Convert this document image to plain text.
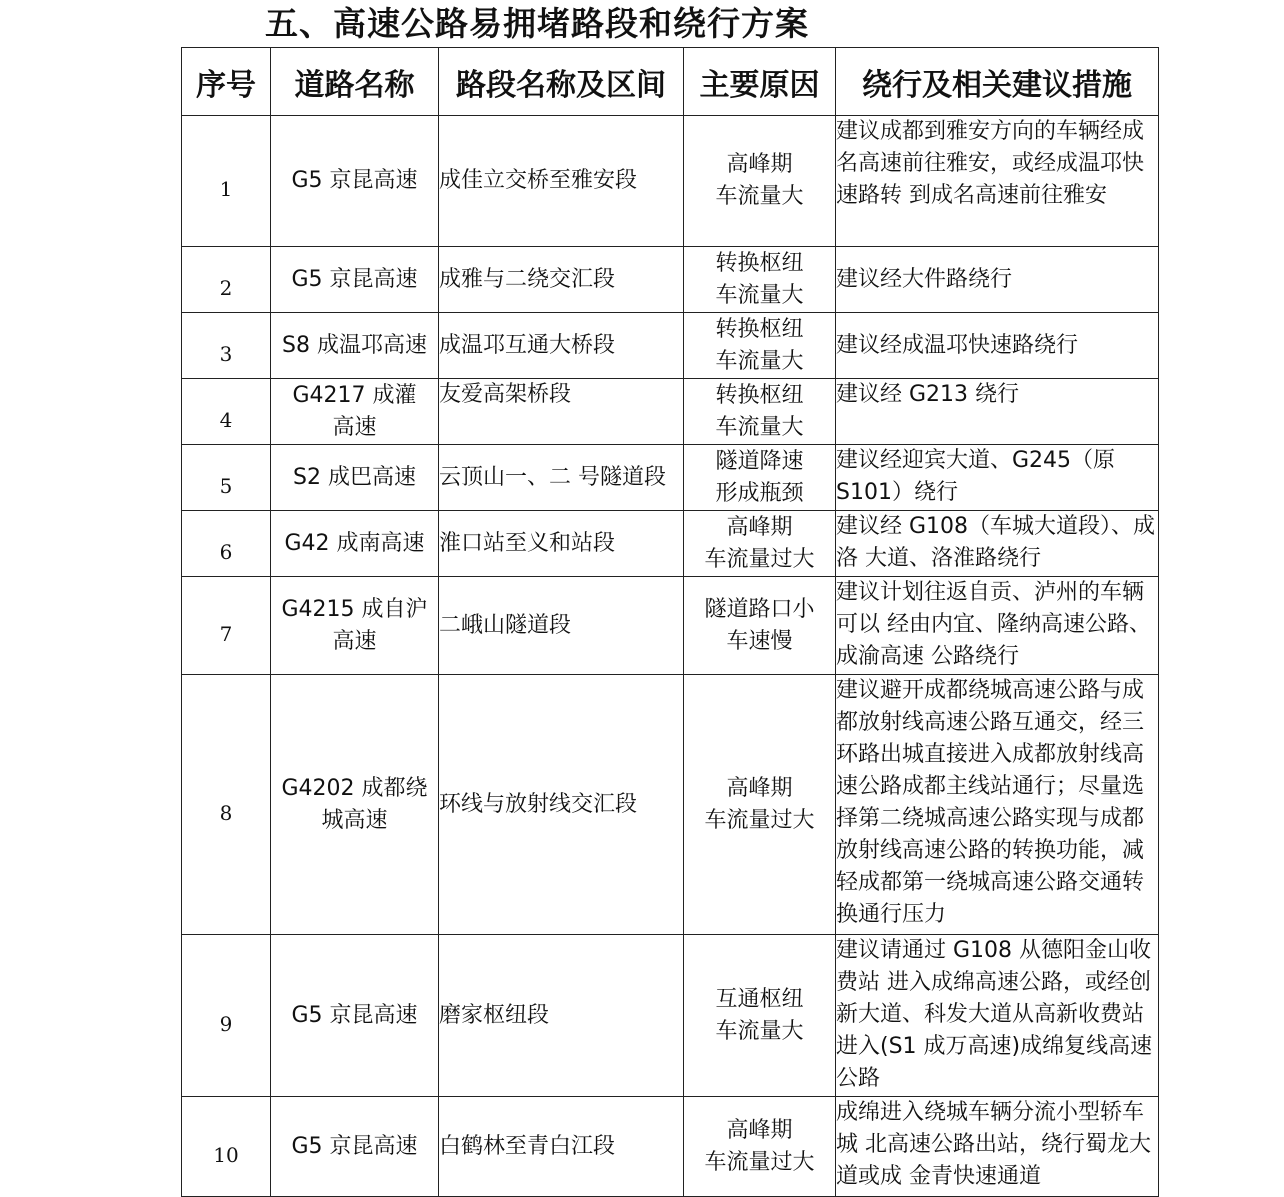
五、高速公路易拥堵路段和绕行方案
序号	道路名称	路段名称及区间	主要原因	绕行及相关建议措施
1	G5 京昆高速	成佳立交桥至雅安段	高峰期
车流量大	建议成都到雅安方向的车辆经成名高速前往雅安，或经成温邛快速路转 到成名高速前往雅安
2	G5 京昆高速	成雅与二绕交汇段	转换枢纽
车流量大	建议经大件路绕行
3	S8 成温邛高速	成温邛互通大桥段	转换枢纽
车流量大	建议经成温邛快速路绕行
4	G4217 成灌
高速	友爱高架桥段	转换枢纽
车流量大	建议经 G213 绕行
5	S2 成巴高速	云顶山一、二 号隧道段	隧道降速
形成瓶颈	建议经迎宾大道、G245（原S101）绕行
6	G42 成南高速	淮口站至义和站段	高峰期
车流量过大	建议经 G108（车城大道段）、成洛 大道、洛淮路绕行
7	G4215 成自沪
高速	二峨山隧道段	隧道路口小
车速慢	建议计划往返自贡、泸州的车辆可以 经由内宜、隆纳高速公路、成渝高速 公路绕行
8	G4202 成都绕
城高速	环线与放射线交汇段	高峰期
车流量过大	建议避开成都绕城高速公路与成都放射线高速公路互通交，经三环路出城直接进入成都放射线高速公路成都主线站通行；尽量选择第二绕城高速公路实现与成都放射线高速公路的转换功能，减轻成都第一绕城高速公路交通转换通行压力
9	G5 京昆高速	磨家枢纽段	互通枢纽
车流量大	建议请通过 G108 从德阳金山收费站 进入成绵高速公路，或经创新大道、科发大道从高新收费站进入(S1 成万高速)成绵复线高速公路
10	G5 京昆高速	白鹤林至青白江段	高峰期
车流量过大	成绵进入绕城车辆分流小型轿车城 北高速公路出站，绕行蜀龙大道或成 金青快速通道
